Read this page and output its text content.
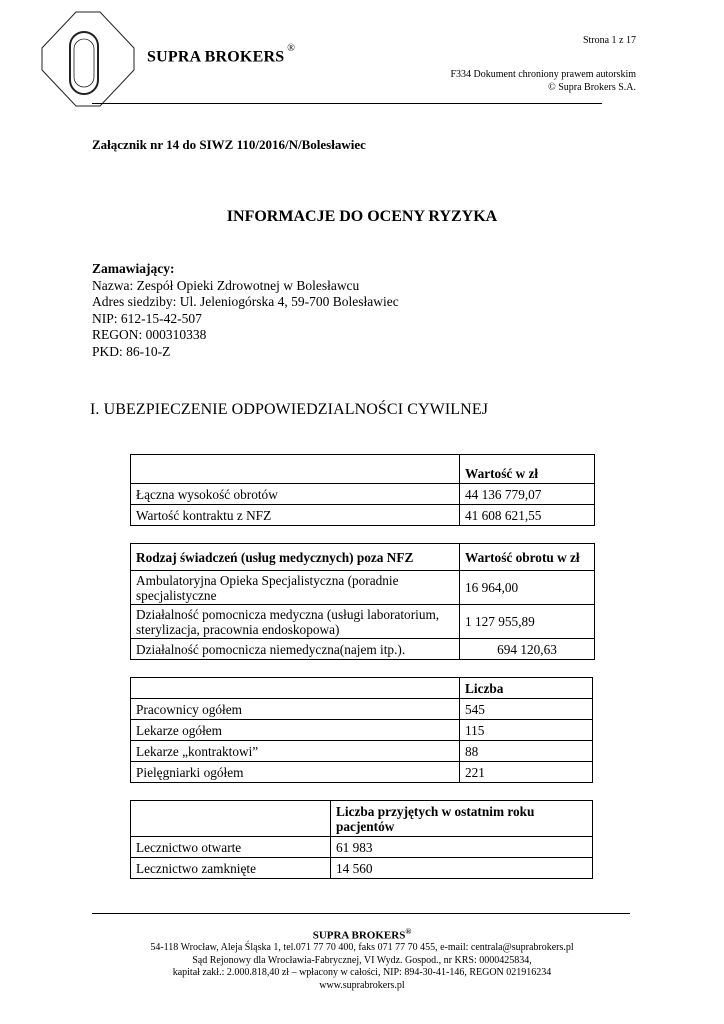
SUPRA BROKERS ®
Strona 1 z 17
F334 Dokument chroniony prawem autorskim
© Supra Brokers S.A.
Załącznik nr 14 do SIWZ 110/2016/N/Bolesławiec
INFORMACJE DO OCENY RYZYKA
Zamawiający:
Nazwa: Zespół Opieki Zdrowotnej w Bolesławcu
Adres siedziby: Ul. Jeleniogórska 4, 59-700 Bolesławiec
NIP: 612-15-42-507
REGON: 000310338
PKD: 86-10-Z
I. UBEZPIECZENIE ODPOWIEDZIALNOŚCI CYWILNEJ
	Wartość w zł
Łączna wysokość obrotów	44 136 779,07
Wartość kontraktu z NFZ	41 608 621,55
Rodzaj świadczeń (usług medycznych) poza NFZ	Wartość obrotu w zł
Ambulatoryjna Opieka Specjalistyczna (poradnie specjalistyczne	16 964,00
Działalność pomocnicza medyczna (usługi laboratorium, sterylizacja, pracownia endoskopowa)	1 127 955,89
Działalność pomocnicza niemedyczna(najem itp.).	694 120,63
	Liczba
Pracownicy ogółem	545
Lekarze ogółem	115
Lekarze „kontraktowi”	88
Pielęgniarki ogółem	221
	Liczba przyjętych w ostatnim roku pacjentów
Lecznictwo otwarte	61 983
Lecznictwo zamknięte	14 560
SUPRA BROKERS®
54-118 Wrocław, Aleja Śląska 1, tel.071 77 70 400, faks 071 77 70 455, e-mail: centrala@suprabrokers.pl
Sąd Rejonowy dla Wrocławia-Fabrycznej, VI Wydz. Gospod., nr KRS: 0000425834,
kapitał zakł.: 2.000.818,40 zł – wpłacony w całości, NIP: 894-30-41-146, REGON 021916234
www.suprabrokers.pl
